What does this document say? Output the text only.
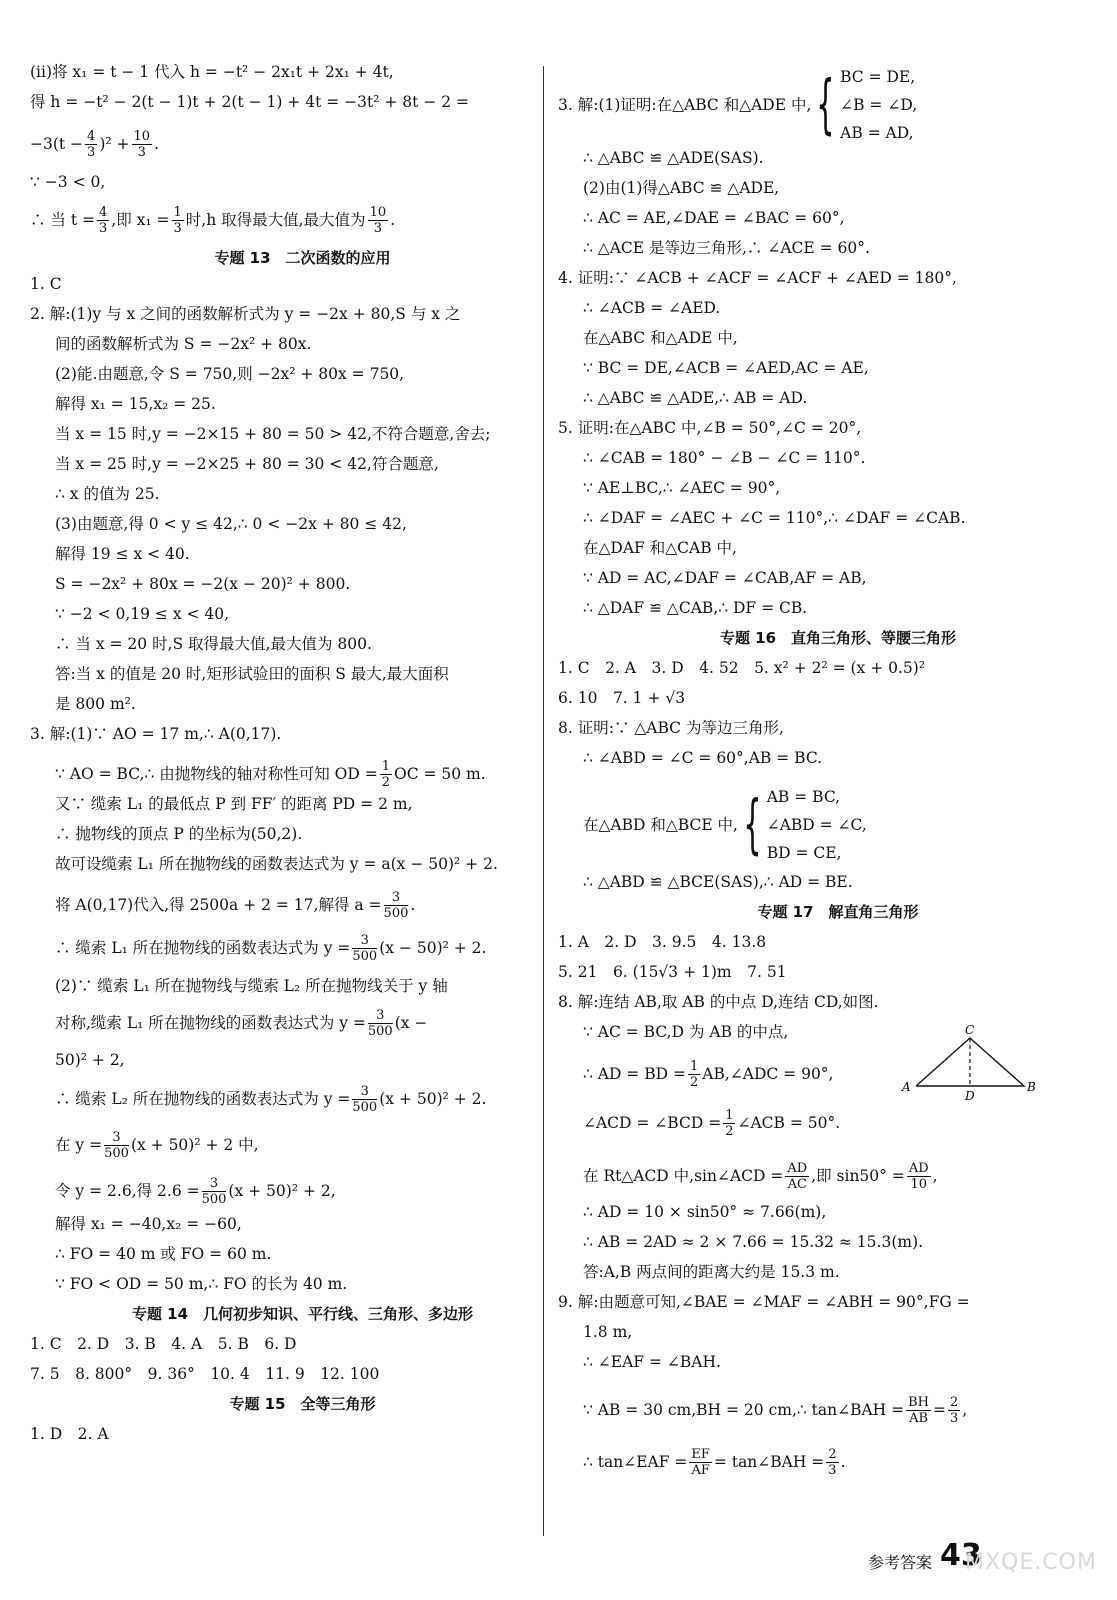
(ii)将 x₁ = t − 1 代入 h = −t² − 2x₁t + 2x₁ + 4t,
得 h = −t² − 2(t − 1)t + 2(t − 1) + 4t = −3t² + 8t − 2 =
$-3(t - \frac{4}{3} )^2 + \frac{10}{3}$ .
∵ −3 < 0,
∴ 当 $t = \frac{4}{3}$ ,即 $x_1 = \frac{1}{3}$ 时,h 取得最大值,最大值为 $\frac{10}{3}$ .
专题 13　二次函数的应用
1. C
2. 解:(1)y 与 x 之间的函数解析式为 y = −2x + 80,S 与 x 之
间的函数解析式为 S = −2x² + 80x.
(2)能.由题意,令 S = 750,则 −2x² + 80x = 750,
解得 x₁ = 15,x₂ = 25.
当 x = 15 时,y = −2×15 + 80 = 50 > 42,不符合题意,舍去;
当 x = 25 时,y = −2×25 + 80 = 30 < 42,符合题意,
∴ x 的值为 25.
(3)由题意,得 0 < y ≤ 42,∴ 0 < −2x + 80 ≤ 42,
解得 19 ≤ x < 40.
S = −2x² + 80x = −2(x − 20)² + 800.
∵ −2 < 0,19 ≤ x < 40,
∴ 当 x = 20 时,S 取得最大值,最大值为 800.
答:当 x 的值是 20 时,矩形试验田的面积 S 最大,最大面积
是 800 m².
3. 解:(1)∵ AO = 17 m,∴ A(0,17).
∵ AO = BC,∴ 由抛物线的轴对称性可知 OD = $\frac{1}{2}$ OC = 50 m.
又∵ 缆索 L₁ 的最低点 P 到 FF′ 的距离 PD = 2 m,
∴ 抛物线的顶点 P 的坐标为(50,2).
故可设缆索 L₁ 所在抛物线的函数表达式为 y = a(x − 50)² + 2.
将 A(0,17)代入,得 2500a + 2 = 17,解得 $a = \frac{3}{500}$ .
∴ 缆索 L₁ 所在抛物线的函数表达式为 $y = \frac{3}{500} (x - 50)^2 + 2$.
(2)∵ 缆索 L₁ 所在抛物线与缆索 L₂ 所在抛物线关于 y 轴
对称,缆索 L₁ 所在抛物线的函数表达式为 $y = \frac{3}{500} (x$ −
50)² + 2,
∴ 缆索 L₂ 所在抛物线的函数表达式为 $y = \frac{3}{500} (x + 50)^2 + 2$.
在 $y = \frac{3}{500} (x + 50)^2 + 2$ 中,
令 y = 2.6,得 $2.6 = \frac{3}{500} (x + 50)^2 + 2$,
解得 x₁ = −40,x₂ = −60,
∴ FO = 40 m 或 FO = 60 m.
∵ FO < OD = 50 m,∴ FO 的长为 40 m.
专题 14　几何初步知识、平行线、三角形、多边形
1. C　2. D　3. B　4. A　5. B　6. D
7. 5　8. 800°　9. 36°　10. 4　11. 9　12. 100
专题 15　全等三角形
1. D　2. A
3. 解:(1)证明:在△ABC 和△ADE 中, { BC = DE,
∠B = ∠D,
AB = AD,
∴ △ABC ≌ △ADE(SAS).
(2)由(1)得△ABC ≌ △ADE,
∴ AC = AE,∠DAE = ∠BAC = 60°,
∴ △ACE 是等边三角形,∴ ∠ACE = 60°.
4. 证明:∵ ∠ACB + ∠ACF = ∠ACF + ∠AED = 180°,
∴ ∠ACB = ∠AED.
在△ABC 和△ADE 中,
∵ BC = DE,∠ACB = ∠AED,AC = AE,
∴ △ABC ≌ △ADE,∴ AB = AD.
5. 证明:在△ABC 中,∠B = 50°,∠C = 20°,
∴ ∠CAB = 180° − ∠B − ∠C = 110°.
∵ AE⊥BC,∴ ∠AEC = 90°,
∴ ∠DAF = ∠AEC + ∠C = 110°,∴ ∠DAF = ∠CAB.
在△DAF 和△CAB 中,
∵ AD = AC,∠DAF = ∠CAB,AF = AB,
∴ △DAF ≌ △CAB,∴ DF = CB.
专题 16　直角三角形、等腰三角形
1. C　2. A　3. D　4. 52　5. x² + 2² = (x + 0.5)²
6. 10　7. 1 + √3
8. 证明:∵ △ABC 为等边三角形,
∴ ∠ABD = ∠C = 60°,AB = BC.
在△ABD 和△BCE 中, { AB = BC,
∠ABD = ∠C,
BD = CE,
∴ △ABD ≌ △BCE(SAS),∴ AD = BE.
专题 17　解直角三角形
1. A　2. D　3. 9.5　4. 13.8
5. 21　6. (15√3 + 1)m　7. 51
8. 解:连结 AB,取 AB 的中点 D,连结 CD,如图.
∵ AC = BC,D 为 AB 的中点,
∴ AD = BD = $\frac{1}{2}$ AB,∠ADC = 90°,
∠ACD = ∠BCD = $\frac{1}{2}$ ∠ACB = 50°.
在 Rt△ACD 中,sin∠ACD = $\frac{AD}{AC}$ ,即 $\sin 50^\circ = \frac{AD}{10}$ ,
∴ AD = 10 × sin50° ≈ 7.66(m),
∴ AB = 2AD ≈ 2 × 7.66 = 15.32 ≈ 15.3(m).
答:A,B 两点间的距离大约是 15.3 m.
9. 解:由题意可知,∠BAE = ∠MAF = ∠ABH = 90°,FG =
1.8 m,
∴ ∠EAF = ∠BAH.
∵ AB = 30 cm,BH = 20 cm,∴ tan∠BAH = $\frac{BH}{AB} = \frac{2}{3}$ ,
∴ tan∠EAF = $\frac{EF}{AF}$ = tan∠BAH = $\frac{2}{3}$ .
C
A
D
B
参考答案 43
MXQE.COM
